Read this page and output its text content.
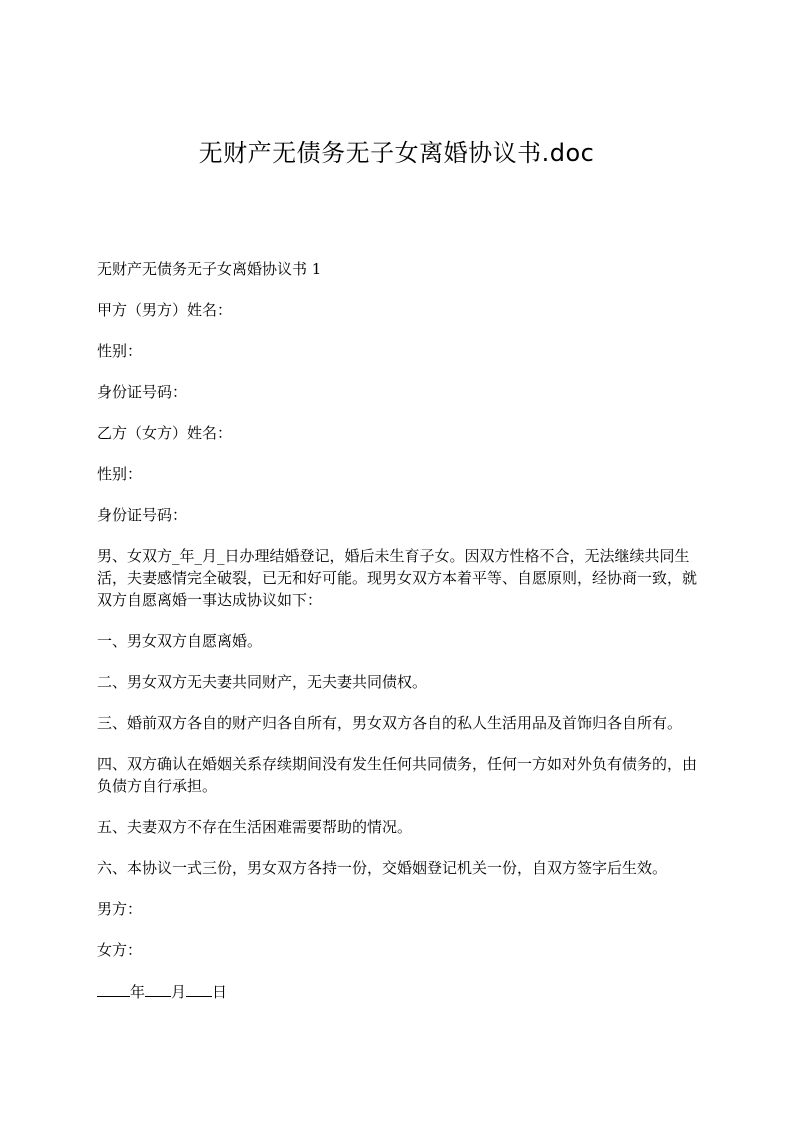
无财产无债务无子女离婚协议书.doc

无财产无债务无子女离婚协议书 1

甲方（男方）姓名：

性别：

身份证号码：

乙方（女方）姓名：

性别：

身份证号码：

男、女双方_年_月_日办理结婚登记，婚后未生育子女。因双方性格不合，无法继续共同生活，夫妻感情完全破裂，已无和好可能。现男女双方本着平等、自愿原则，经协商一致，就双方自愿离婚一事达成协议如下：

一、男女双方自愿离婚。

二、男女双方无夫妻共同财产，无夫妻共同债权。

三、婚前双方各自的财产归各自所有，男女双方各自的私人生活用品及首饰归各自所有。

四、双方确认在婚姻关系存续期间没有发生任何共同债务，任何一方如对外负有债务的，由负债方自行承担。

五、夫妻双方不存在生活困难需要帮助的情况。

六、本协议一式三份，男女双方各持一份，交婚姻登记机关一份，自双方签字后生效。

男方：

女方：

年 月 日
